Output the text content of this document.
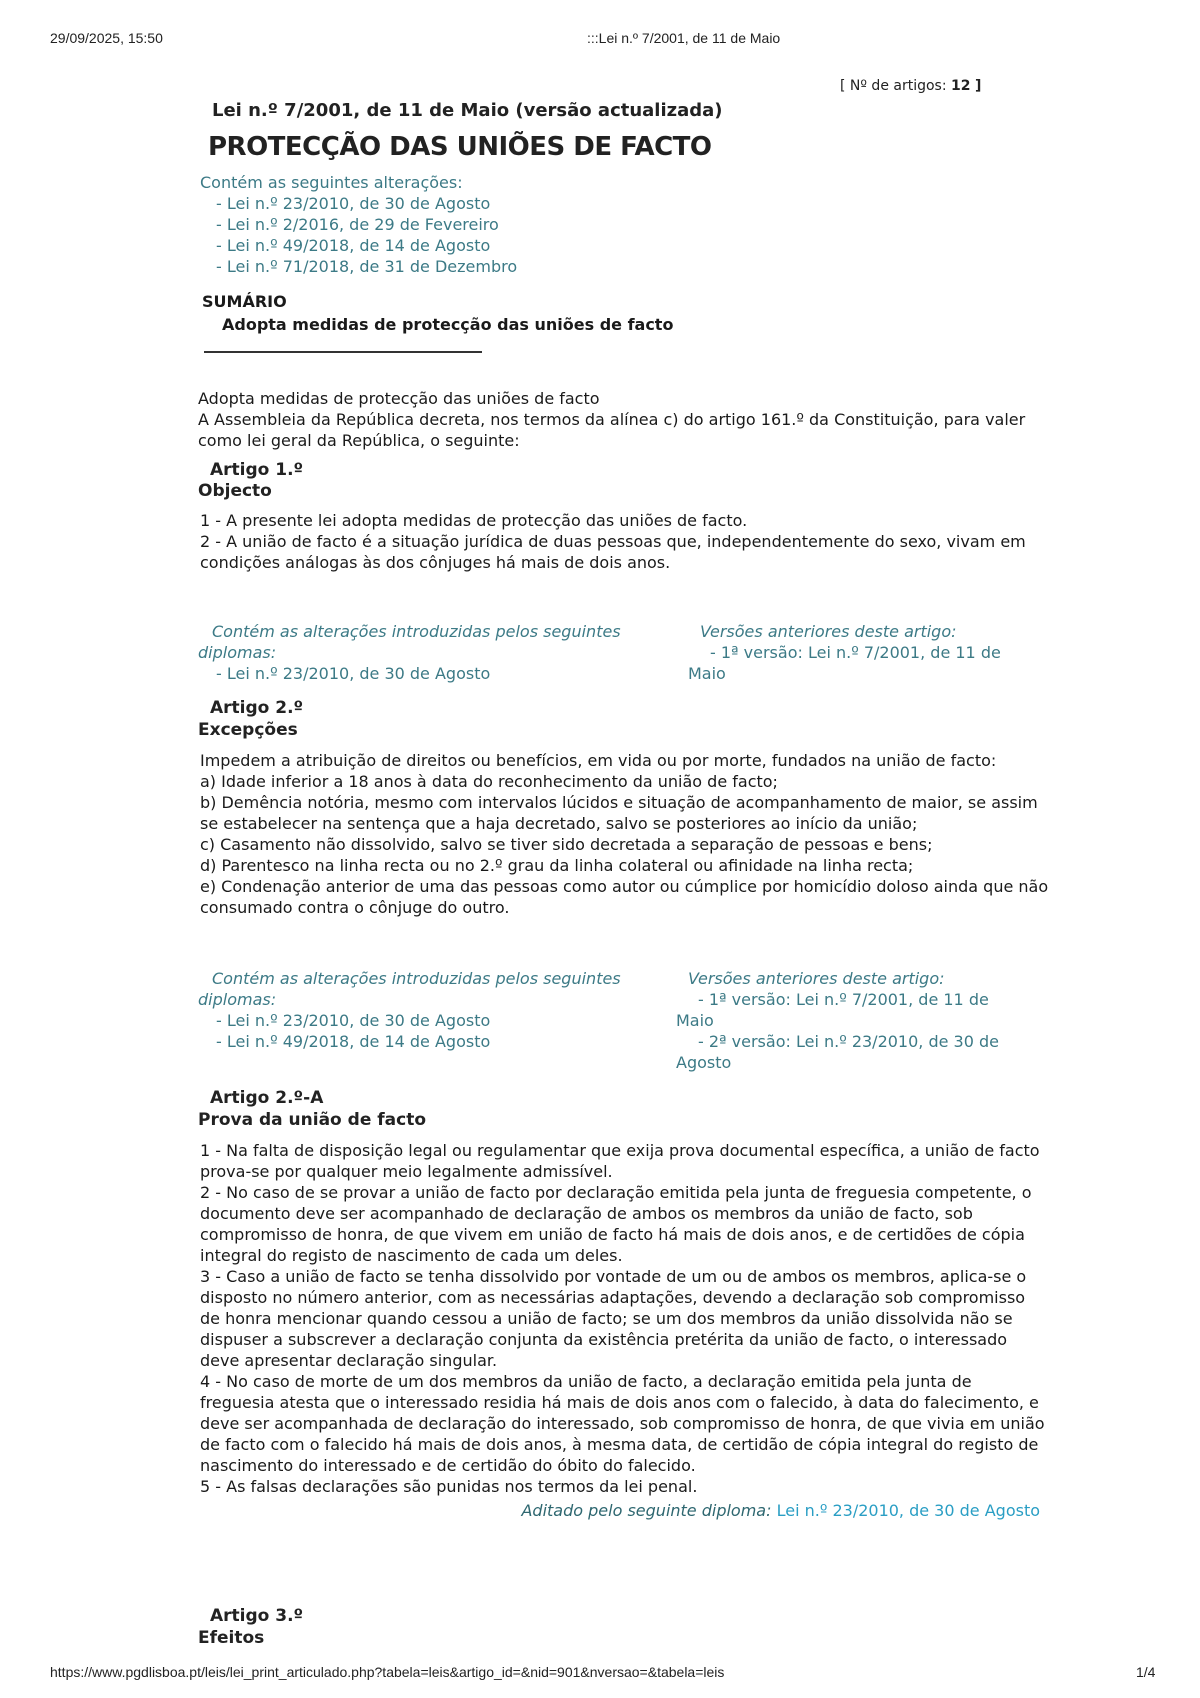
29/09/2025, 15:50	:::Lei n.º 7/2001, de 11 de Maio
[ Nº de artigos: 12 ]
Lei n.º 7/2001, de 11 de Maio (versão actualizada)
PROTECÇÃO DAS UNIÕES DE FACTO
Contém as seguintes alterações:
- Lei n.º 23/2010, de 30 de Agosto
- Lei n.º 2/2016, de 29 de Fevereiro
- Lei n.º 49/2018, de 14 de Agosto
- Lei n.º 71/2018, de 31 de Dezembro
SUMÁRIO
Adopta medidas de protecção das uniões de facto

Adopta medidas de protecção das uniões de facto

A Assembleia da República decreta, nos termos da alínea c) do artigo 161.º da Constituição, para valer como lei geral da República, o seguinte:

Artigo 1.º
Objecto

1 - A presente lei adopta medidas de protecção das uniões de facto.

2 - A união de facto é a situação jurídica de duas pessoas que, independentemente do sexo, vivam em condições análogas às dos cônjuges há mais de dois anos.

Contém as alterações introduzidas pelos seguintes diplomas:
- Lei n.º 23/2010, de 30 de Agosto
Versões anteriores deste artigo:
- 1ª versão: Lei n.º 7/2001, de 11 de Maio
Artigo 2.º
Excepções

Impedem a atribuição de direitos ou benefícios, em vida ou por morte, fundados na união de facto:

a) Idade inferior a 18 anos à data do reconhecimento da união de facto;

b) Demência notória, mesmo com intervalos lúcidos e situação de acompanhamento de maior, se assim se estabelecer na sentença que a haja decretado, salvo se posteriores ao início da união;

c) Casamento não dissolvido, salvo se tiver sido decretada a separação de pessoas e bens;

d) Parentesco na linha recta ou no 2.º grau da linha colateral ou afinidade na linha recta;

e) Condenação anterior de uma das pessoas como autor ou cúmplice por homicídio doloso ainda que não consumado contra o cônjuge do outro.

Contém as alterações introduzidas pelos seguintes diplomas:
- Lei n.º 23/2010, de 30 de Agosto
- Lei n.º 49/2018, de 14 de Agosto
Versões anteriores deste artigo:
- 1ª versão: Lei n.º 7/2001, de 11 de Maio
- 2ª versão: Lei n.º 23/2010, de 30 de Agosto
Artigo 2.º-A
Prova da união de facto

1 - Na falta de disposição legal ou regulamentar que exija prova documental específica, a união de facto prova-se por qualquer meio legalmente admissível.

2 - No caso de se provar a união de facto por declaração emitida pela junta de freguesia competente, o documento deve ser acompanhado de declaração de ambos os membros da união de facto, sob compromisso de honra, de que vivem em união de facto há mais de dois anos, e de certidões de cópia integral do registo de nascimento de cada um deles.

3 - Caso a união de facto se tenha dissolvido por vontade de um ou de ambos os membros, aplica-se o disposto no número anterior, com as necessárias adaptações, devendo a declaração sob compromisso de honra mencionar quando cessou a união de facto; se um dos membros da união dissolvida não se dispuser a subscrever a declaração conjunta da existência pretérita da união de facto, o interessado deve apresentar declaração singular.

4 - No caso de morte de um dos membros da união de facto, a declaração emitida pela junta de freguesia atesta que o interessado residia há mais de dois anos com o falecido, à data do falecimento, e deve ser acompanhada de declaração do interessado, sob compromisso de honra, de que vivia em união de facto com o falecido há mais de dois anos, à mesma data, de certidão de cópia integral do registo de nascimento do interessado e de certidão do óbito do falecido.

5 - As falsas declarações são punidas nos termos da lei penal.

Aditado pelo seguinte diploma: Lei n.º 23/2010, de 30 de Agosto
Artigo 3.º
Efeitos
https://www.pgdlisboa.pt/leis/lei_print_articulado.php?tabela=leis&artigo_id=&nid=901&nversao=&tabela=leis	1/4
